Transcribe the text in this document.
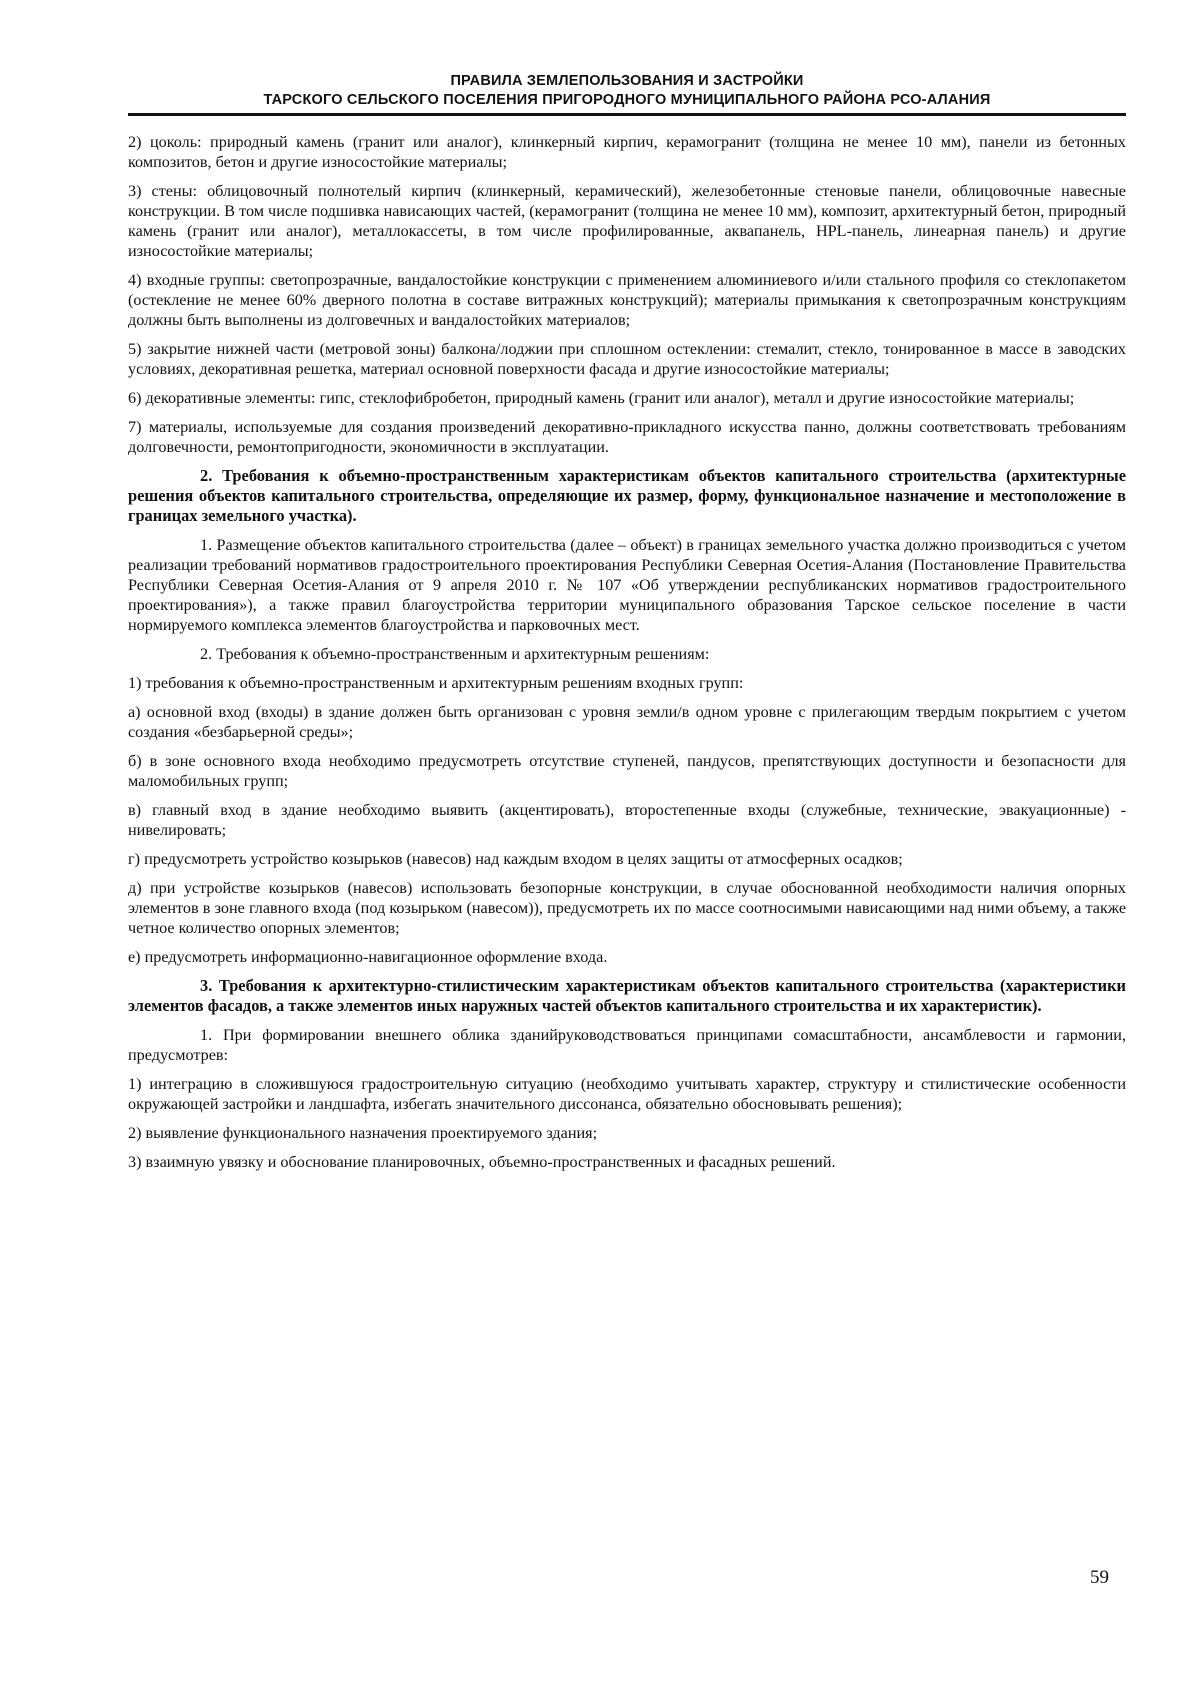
ПРАВИЛА ЗЕМЛЕПОЛЬЗОВАНИЯ И ЗАСТРОЙКИ
ТАРСКОГО СЕЛЬСКОГО ПОСЕЛЕНИЯ ПРИГОРОДНОГО МУНИЦИПАЛЬНОГО РАЙОНА РСО-АЛАНИЯ

2) цоколь: природный камень (гранит или аналог), клинкерный кирпич, керамогранит (толщина не менее 10 мм), панели из бетонных композитов, бетон и другие износостойкие материалы;

3) стены: облицовочный полнотелый кирпич (клинкерный, керамический), железобетонные стеновые панели, облицовочные навесные конструкции. В том числе подшивка нависающих частей, (керамогранит (толщина не менее 10 мм), композит, архитектурный бетон, природный камень (гранит или аналог), металлокассеты, в том числе профилированные, аквапанель, HPL-панель, линеарная панель) и другие износостойкие материалы;

4) входные группы: светопрозрачные, вандалостойкие конструкции с применением алюминиевого и/или стального профиля со стеклопакетом (остекление не менее 60% дверного полотна в составе витражных конструкций); материалы примыкания к светопрозрачным конструкциям должны быть выполнены из долговечных и вандалостойких материалов;

5) закрытие нижней части (метровой зоны) балкона/лоджии при сплошном остеклении: стемалит, стекло, тонированное в массе в заводских условиях, декоративная решетка, материал основной поверхности фасада и другие износостойкие материалы;

6) декоративные элементы: гипс, стеклофибробетон, природный камень (гранит или аналог), металл и другие износостойкие материалы;

7) материалы, используемые для создания произведений декоративно-прикладного искусства панно, должны соответствовать требованиям долговечности, ремонтопригодности, экономичности в эксплуатации.

2. Требования к объемно-пространственным характеристикам объектов капитального строительства (архитектурные решения объектов капитального строительства, определяющие их размер, форму, функциональное назначение и местоположение в границах земельного участка).

1. Размещение объектов капитального строительства (далее – объект) в границах земельного участка должно производиться с учетом реализации требований нормативов градостроительного проектирования Республики Северная Осетия-Алания (Постановление Правительства Республики Северная Осетия-Алания от 9 апреля 2010 г. № 107 «Об утверждении республиканских нормативов градостроительного проектирования»), а также правил благоустройства территории муниципального образования Тарское сельское поселение в части нормируемого комплекса элементов благоустройства и парковочных мест.

2. Требования к объемно-пространственным и архитектурным решениям:

1) требования к объемно-пространственным и архитектурным решениям входных групп:

а) основной вход (входы) в здание должен быть организован с уровня земли/в одном уровне с прилегающим твердым покрытием с учетом создания «безбарьерной среды»;

б) в зоне основного входа необходимо предусмотреть отсутствие ступеней, пандусов, препятствующих доступности и безопасности для маломобильных групп;

в) главный вход в здание необходимо выявить (акцентировать), второстепенные входы (служебные, технические, эвакуационные) - нивелировать;

г) предусмотреть устройство козырьков (навесов) над каждым входом в целях защиты от атмосферных осадков;

д) при устройстве козырьков (навесов) использовать безопорные конструкции, в случае обоснованной необходимости наличия опорных элементов в зоне главного входа (под козырьком (навесом)), предусмотреть их по массе соотносимыми нависающими над ними объему, а также четное количество опорных элементов;

е) предусмотреть информационно-навигационное оформление входа.

3. Требования к архитектурно-стилистическим характеристикам объектов капитального строительства (характеристики элементов фасадов, а также элементов иных наружных частей объектов капитального строительства и их характеристик).

1. При формировании внешнего облика зданийруководствоваться принципами сомасштабности, ансамблевости и гармонии, предусмотрев:

1) интеграцию в сложившуюся градостроительную ситуацию (необходимо учитывать характер, структуру и стилистические особенности окружающей застройки и ландшафта, избегать значительного диссонанса, обязательно обосновывать решения);

2) выявление функционального назначения проектируемого здания;

3) взаимную увязку и обоснование планировочных, объемно-пространственных и фасадных решений.

59
